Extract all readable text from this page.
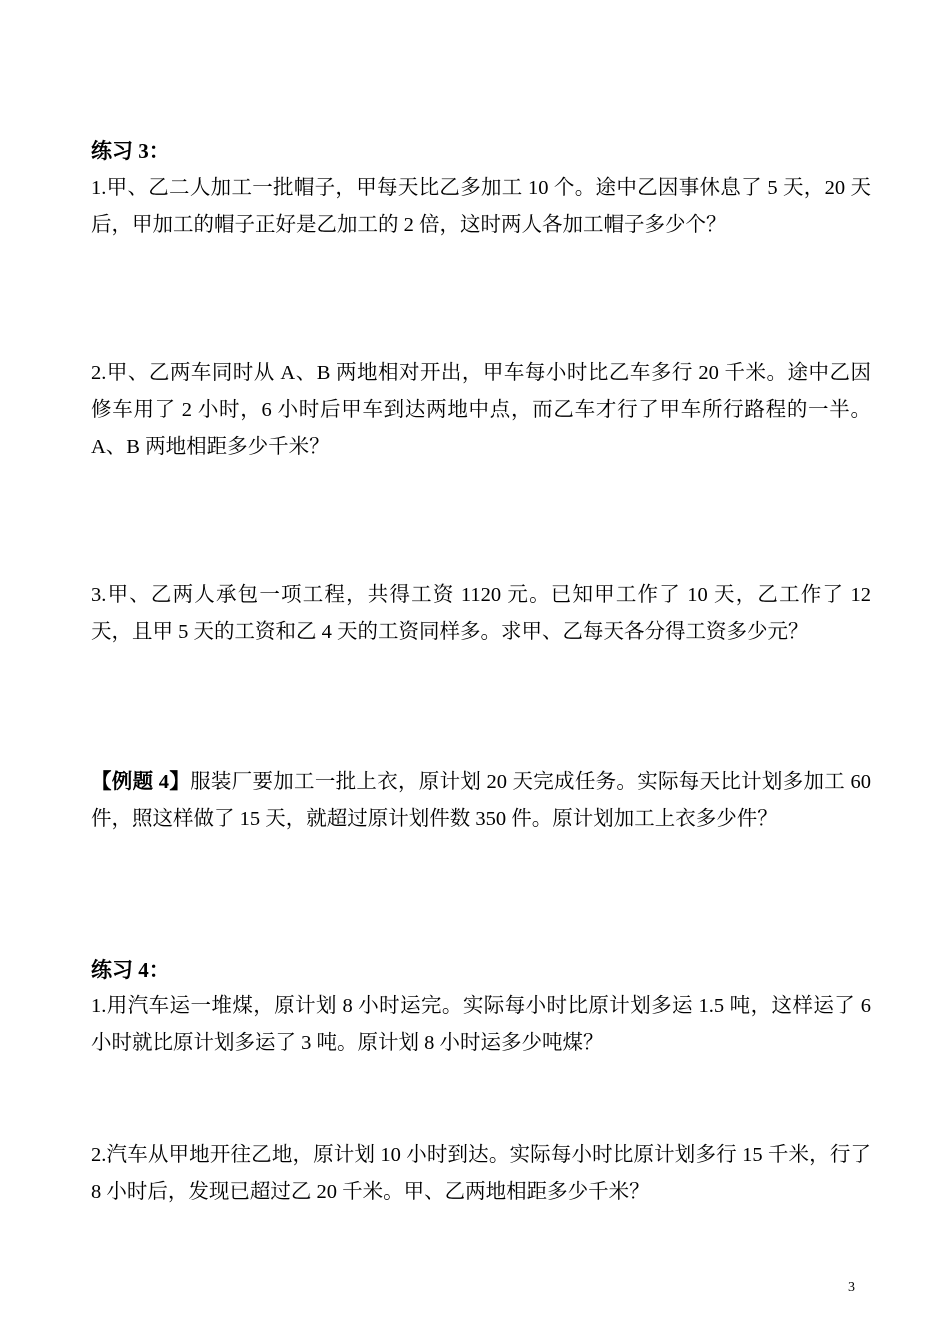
练习 3：
1.甲、乙二人加工一批帽子，甲每天比乙多加工 10 个。途中乙因事休息了 5 天，20 天后，甲加工的帽子正好是乙加工的 2 倍，这时两人各加工帽子多少个？
2.甲、乙两车同时从 A、B 两地相对开出，甲车每小时比乙车多行 20 千米。途中乙因修车用了 2 小时，6 小时后甲车到达两地中点，而乙车才行了甲车所行路程的一半。A、B 两地相距多少千米？
3.甲、乙两人承包一项工程，共得工资 1120 元。已知甲工作了 10 天，乙工作了 12 天，且甲 5 天的工资和乙 4 天的工资同样多。求甲、乙每天各分得工资多少元？
【例题 4】服装厂要加工一批上衣，原计划 20 天完成任务。实际每天比计划多加工 60 件，照这样做了 15 天，就超过原计划件数 350 件。原计划加工上衣多少件？
练习 4：
1.用汽车运一堆煤，原计划 8 小时运完。实际每小时比原计划多运 1.5 吨，这样运了 6 小时就比原计划多运了 3 吨。原计划 8 小时运多少吨煤？
2.汽车从甲地开往乙地，原计划 10 小时到达。实际每小时比原计划多行 15 千米，行了 8 小时后，发现已超过乙 20 千米。甲、乙两地相距多少千米？
3
